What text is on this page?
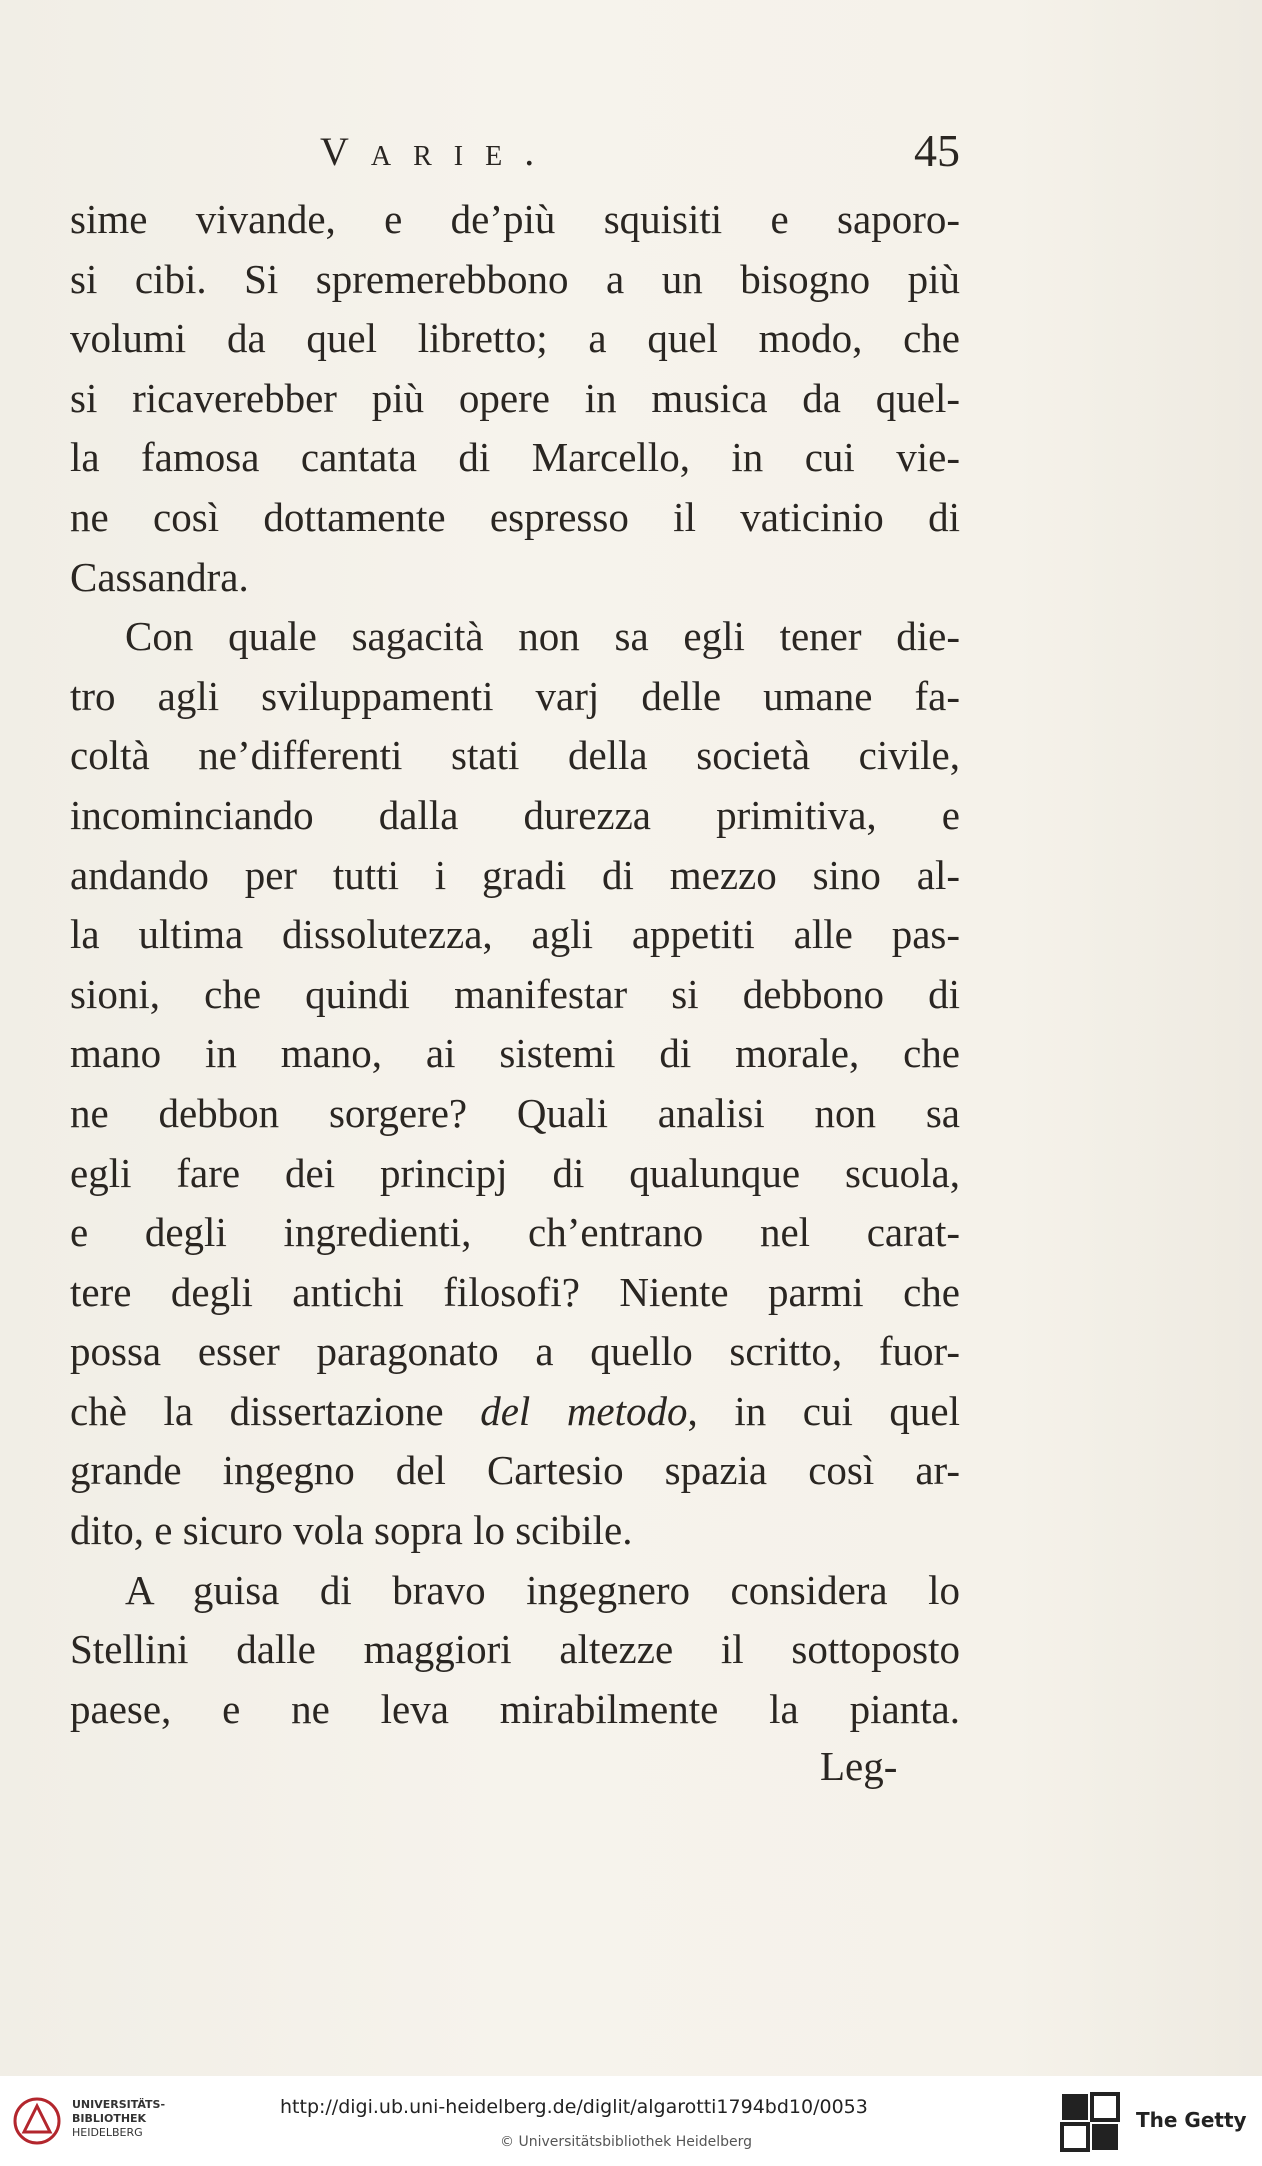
Varie.	45
sime vivande, e de’più squisiti e saporo-
si cibi. Si spremerebbono a un bisogno più
volumi da quel libretto; a quel modo, che
si ricaverebber più opere in musica da quel-
la famosa cantata di Marcello, in cui vie-
ne così dottamente espresso il vaticinio di
Cassandra.
Con quale sagacità non sa egli tener die-
tro agli sviluppamenti varj delle umane fa-
coltà ne’differenti stati della società civile,
incominciando dalla durezza primitiva, e
andando per tutti i gradi di mezzo sino al-
la ultima dissolutezza, agli appetiti alle pas-
sioni, che quindi manifestar si debbono di
mano in mano, ai sistemi di morale, che
ne debbon sorgere? Quali analisi non sa
egli fare dei principj di qualunque scuola,
e degli ingredienti, ch’entrano nel carat-
tere degli antichi filosofi? Niente parmi che
possa esser paragonato a quello scritto, fuor-
chè la dissertazione del metodo, in cui quel
grande ingegno del Cartesio spazia così ar-
dito, e sicuro vola sopra lo scibile.
A guisa di bravo ingegnero considera lo
Stellini dalle maggiori altezze il sottoposto
paese, e ne leva mirabilmente la pianta.
Leg-
UNIVERSITÄTS-
BIBLIOTHEK
HEIDELBERG
http://digi.ub.uni-heidelberg.de/diglit/algarotti1794bd10/0053
© Universitätsbibliothek Heidelberg
The Getty
